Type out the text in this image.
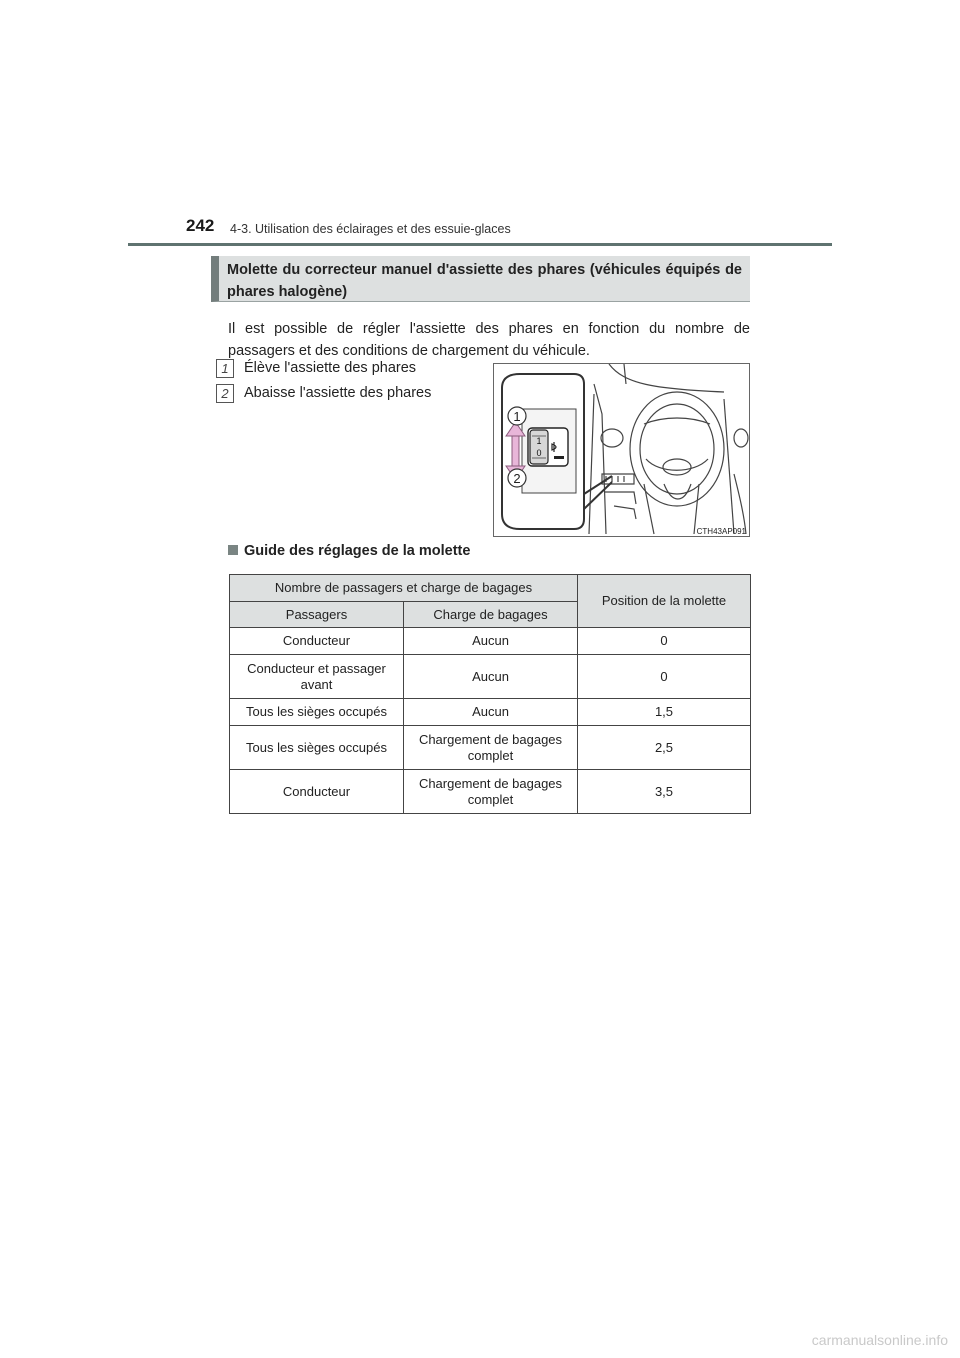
242 4-3. Utilisation des éclairages et des essuie-glaces
Molette du correcteur manuel d'assiette des phares (véhicules équipés de phares halogène)
Il est possible de régler l'assiette des phares en fonction du nombre de passagers et des conditions de chargement du véhicule.
1	Élève l'assiette des phares
2	Abaisse l'assiette des phares
1
0
1
2
CTH43AP091
Guide des réglages de la molette
Nombre de passagers et charge de bagages		Position de la molette
Passagers	Charge de bagages	
Conducteur	Aucun	0
Conducteur et passager avant	Aucun	0
Tous les sièges occupés	Aucun	1,5
Tous les sièges occupés	Chargement de bagages complet	2,5
Conducteur	Chargement de bagages complet	3,5
carmanualsonline.info
